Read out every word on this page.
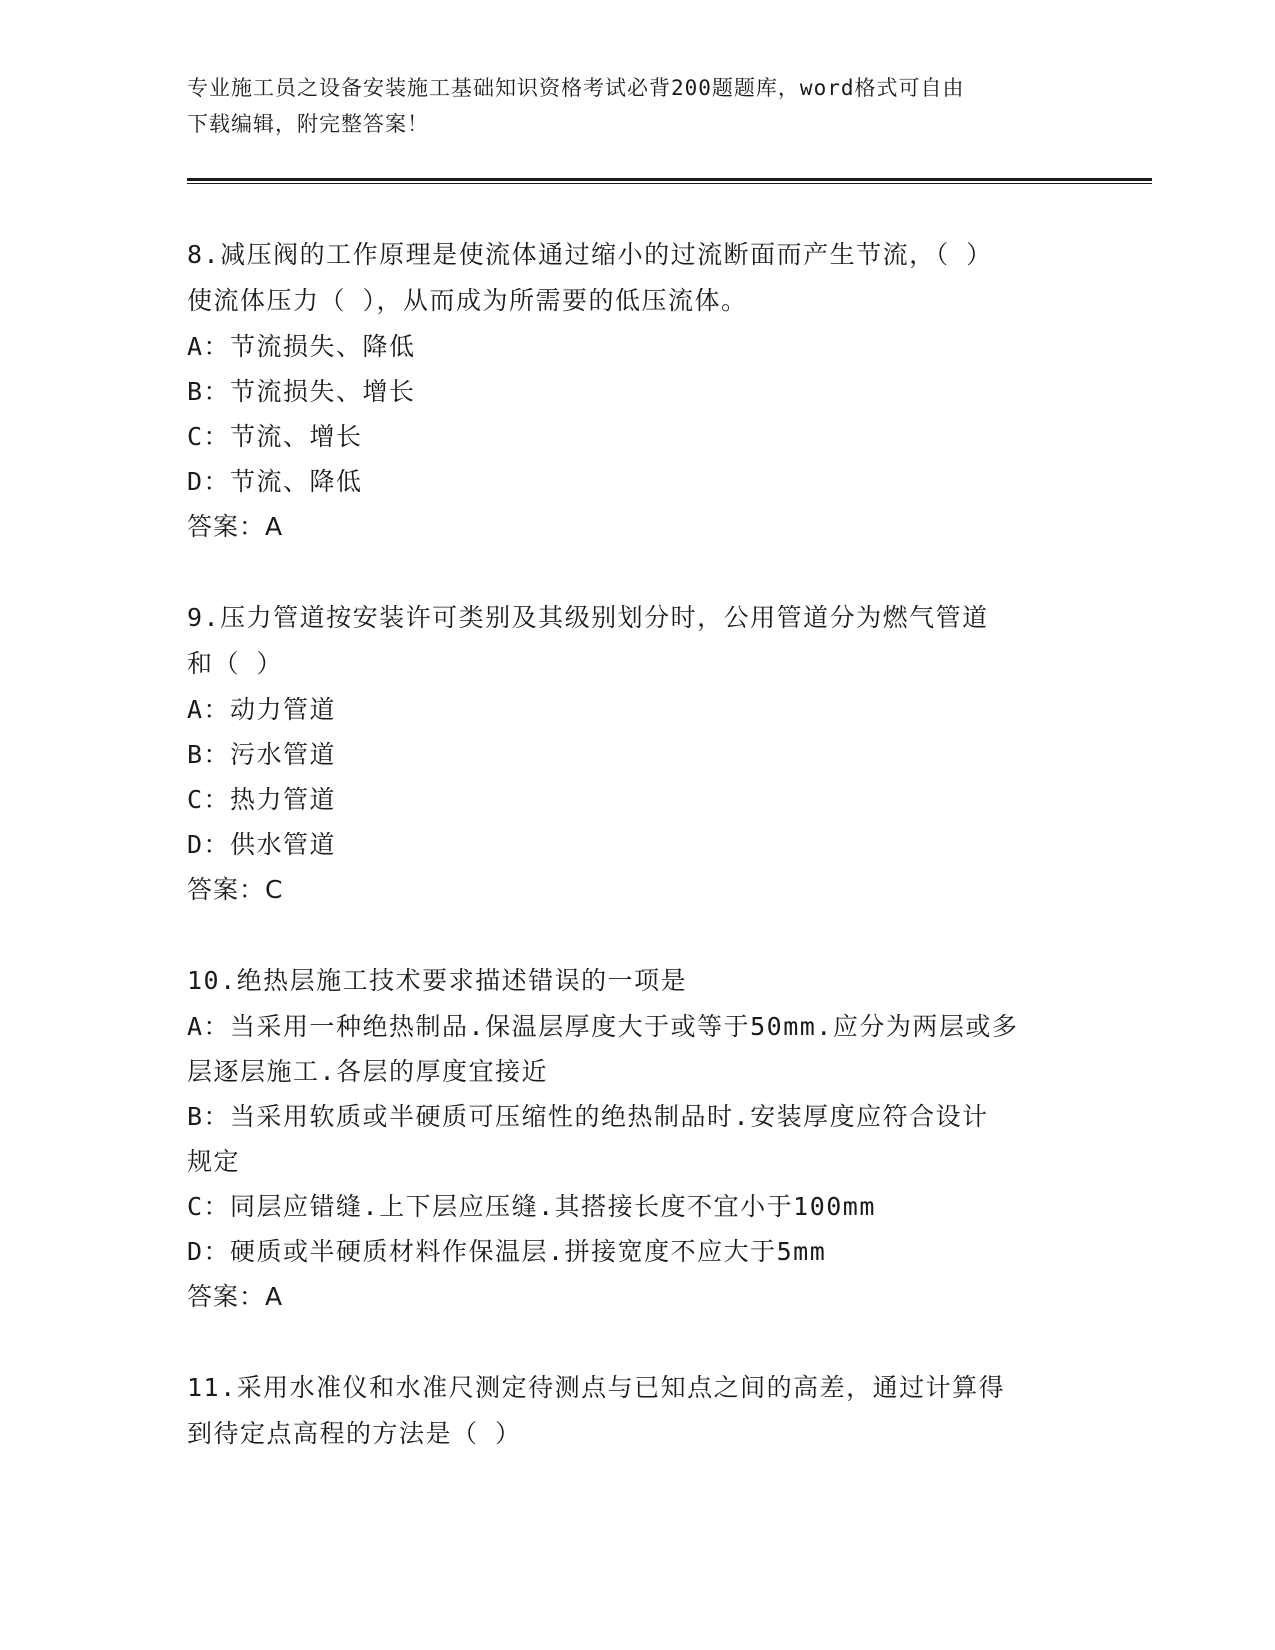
专业施工员之设备安装施工基础知识资格考试必背200题题库，word格式可自由
下载编辑，附完整答案！
8.减压阀的工作原理是使流体通过缩小的过流断面而产生节流，（ ）
使流体压力（ ），从而成为所需要的低压流体。
A：节流损失、降低
B：节流损失、增长
C：节流、增长
D：节流、降低
答案：A
9.压力管道按安装许可类别及其级别划分时，公用管道分为燃气管道
和（ ）
A：动力管道
B：污水管道
C：热力管道
D：供水管道
答案：C
10.绝热层施工技术要求描述错误的一项是
A：当采用一种绝热制品.保温层厚度大于或等于50mm.应分为两层或多
层逐层施工.各层的厚度宜接近
B：当采用软质或半硬质可压缩性的绝热制品时.安装厚度应符合设计
规定
C：同层应错缝.上下层应压缝.其搭接长度不宜小于100mm
D：硬质或半硬质材料作保温层.拼接宽度不应大于5mm
答案：A
11.采用水准仪和水准尺测定待测点与已知点之间的高差，通过计算得
到待定点高程的方法是（ ）
